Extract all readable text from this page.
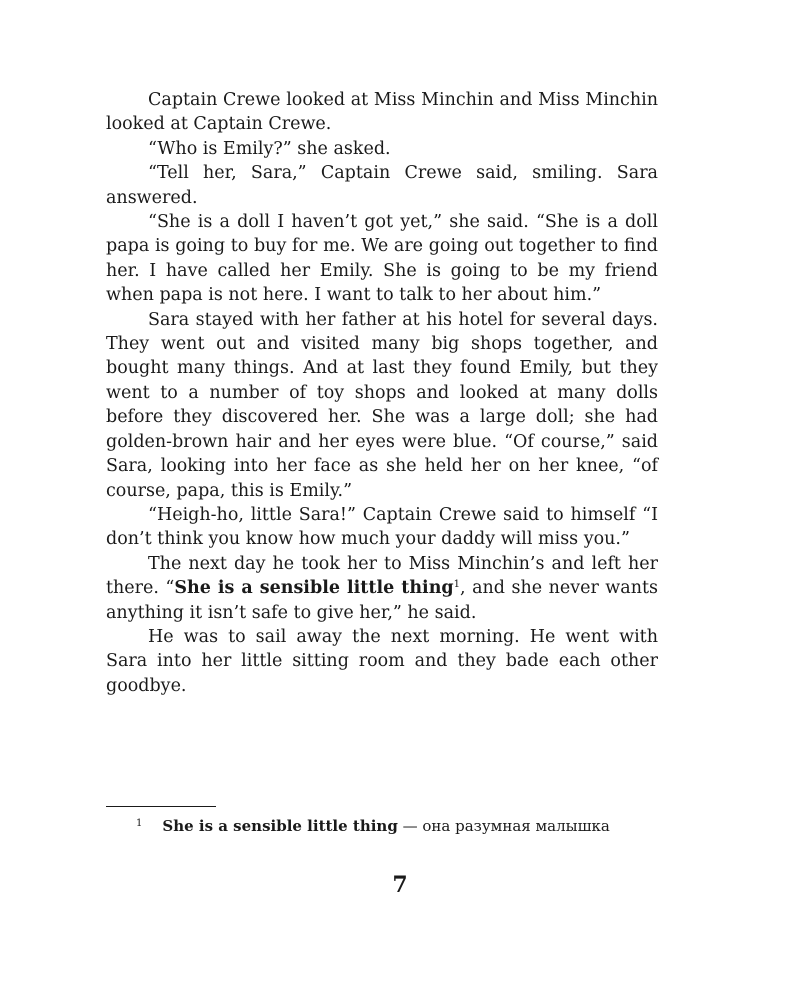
Captain Crewe looked at Miss Minchin and Miss Minchin looked at Captain Crewe.

“Who is Emily?” she asked.

“Tell her, Sara,” Captain Crewe said, smiling. Sara answered.

“She is a doll I haven’t got yet,” she said. “She is a doll papa is going to buy for me. We are going out together to find her. I have called her Emily. She is going to be my friend when papa is not here. I want to talk to her about him.”

Sara stayed with her father at his hotel for several days. They went out and visited many big shops together, and bought many things. And at last they found Emily, but they went to a number of toy shops and looked at many dolls before they discovered her. She was a large doll; she had golden-brown hair and her eyes were blue. “Of course,” said Sara, looking into her face as she held her on her knee, “of course, papa, this is Emily.”

“Heigh-ho, little Sara!” Captain Crewe said to himself “I don’t think you know how much your daddy will miss you.”

The next day he took her to Miss Minchin’s and left her there. “She is a sensible little thing$^1$, and she never wants anything it isn’t safe to give her,” he said.

He was to sail away the next morning. He went with Sara into her little sitting room and they bade each other goodbye.

$^1$ She is a sensible little thing — она разумная малышка
7
